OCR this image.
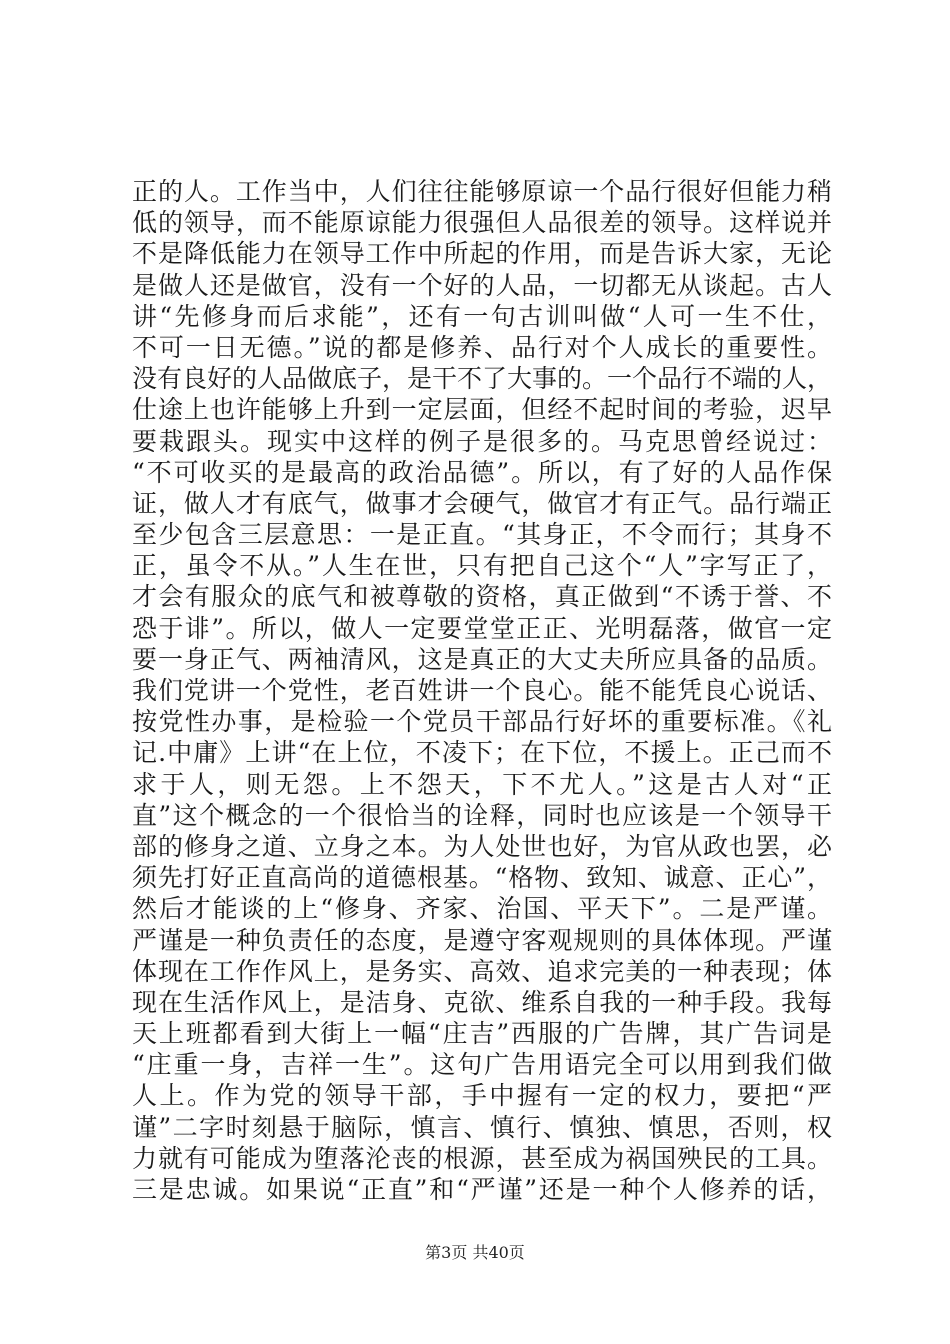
正的人。工作当中，人们往往能够原谅一个品行很好但能力稍
低的领导，而不能原谅能力很强但人品很差的领导。这样说并
不是降低能力在领导工作中所起的作用，而是告诉大家，无论
是做人还是做官，没有一个好的人品，一切都无从谈起。古人
讲“先修身而后求能”，还有一句古训叫做“人可一生不仕，
不可一日无德。”说的都是修养、品行对个人成长的重要性。
没有良好的人品做底子，是干不了大事的。一个品行不端的人，
仕途上也许能够上升到一定层面，但经不起时间的考验，迟早
要栽跟头。现实中这样的例子是很多的。马克思曾经说过：
“不可收买的是最高的政治品德”。所以，有了好的人品作保
证，做人才有底气，做事才会硬气，做官才有正气。品行端正
至少包含三层意思：一是正直。“其身正，不令而行；其身不
正，虽令不从。”人生在世，只有把自己这个“人”字写正了，
才会有服众的底气和被尊敬的资格，真正做到“不诱于誉、不
恐于诽”。所以，做人一定要堂堂正正、光明磊落，做官一定
要一身正气、两袖清风，这是真正的大丈夫所应具备的品质。
我们党讲一个党性，老百姓讲一个良心。能不能凭良心说话、
按党性办事，是检验一个党员干部品行好坏的重要标准。《礼
记.中庸》上讲“在上位，不凌下；在下位，不援上。正己而不
求于人，则无怨。上不怨天，下不尤人。”这是古人对“正
直”这个概念的一个很恰当的诠释，同时也应该是一个领导干
部的修身之道、立身之本。为人处世也好，为官从政也罢，必
须先打好正直高尚的道德根基。“格物、致知、诚意、正心”，
然后才能谈的上“修身、齐家、治国、平天下”。二是严谨。
严谨是一种负责任的态度，是遵守客观规则的具体体现。严谨
体现在工作作风上，是务实、高效、追求完美的一种表现；体
现在生活作风上，是洁身、克欲、维系自我的一种手段。我每
天上班都看到大街上一幅“庄吉”西服的广告牌，其广告词是
“庄重一身，吉祥一生”。这句广告用语完全可以用到我们做
人上。作为党的领导干部，手中握有一定的权力，要把“严
谨”二字时刻悬于脑际，慎言、慎行、慎独、慎思，否则，权
力就有可能成为堕落沦丧的根源，甚至成为祸国殃民的工具。
三是忠诚。如果说“正直”和“严谨”还是一种个人修养的话，
第3页 共40页
